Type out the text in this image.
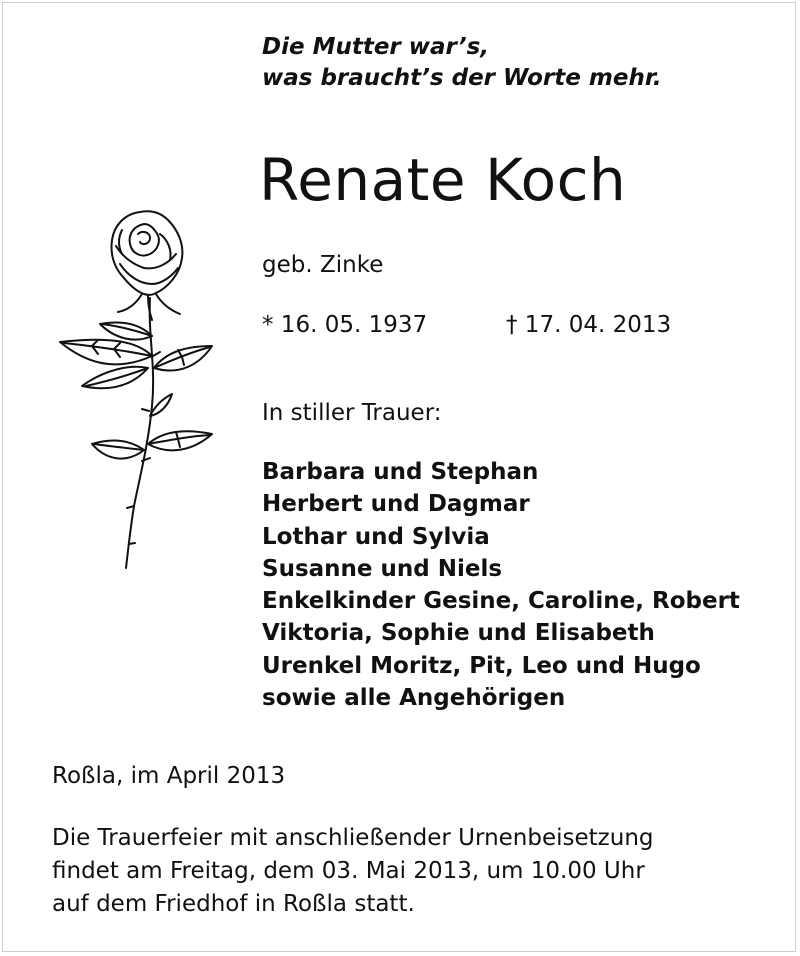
Die Mutter war’s,
was braucht’s der Worte mehr.
Renate Koch
geb. Zinke
* 16. 05. 1937	† 17. 04. 2013
In stiller Trauer:
Barbara und Stephan
Herbert und Dagmar
Lothar und Sylvia
Susanne und Niels
Enkelkinder Gesine, Caroline, Robert
Viktoria, Sophie und Elisabeth
Urenkel Moritz, Pit, Leo und Hugo
sowie alle Angehörigen
Roßla, im April 2013
Die Trauerfeier mit anschließender Urnenbeisetzung
findet am Freitag, dem 03. Mai 2013, um 10.00 Uhr
auf dem Friedhof in Roßla statt.
